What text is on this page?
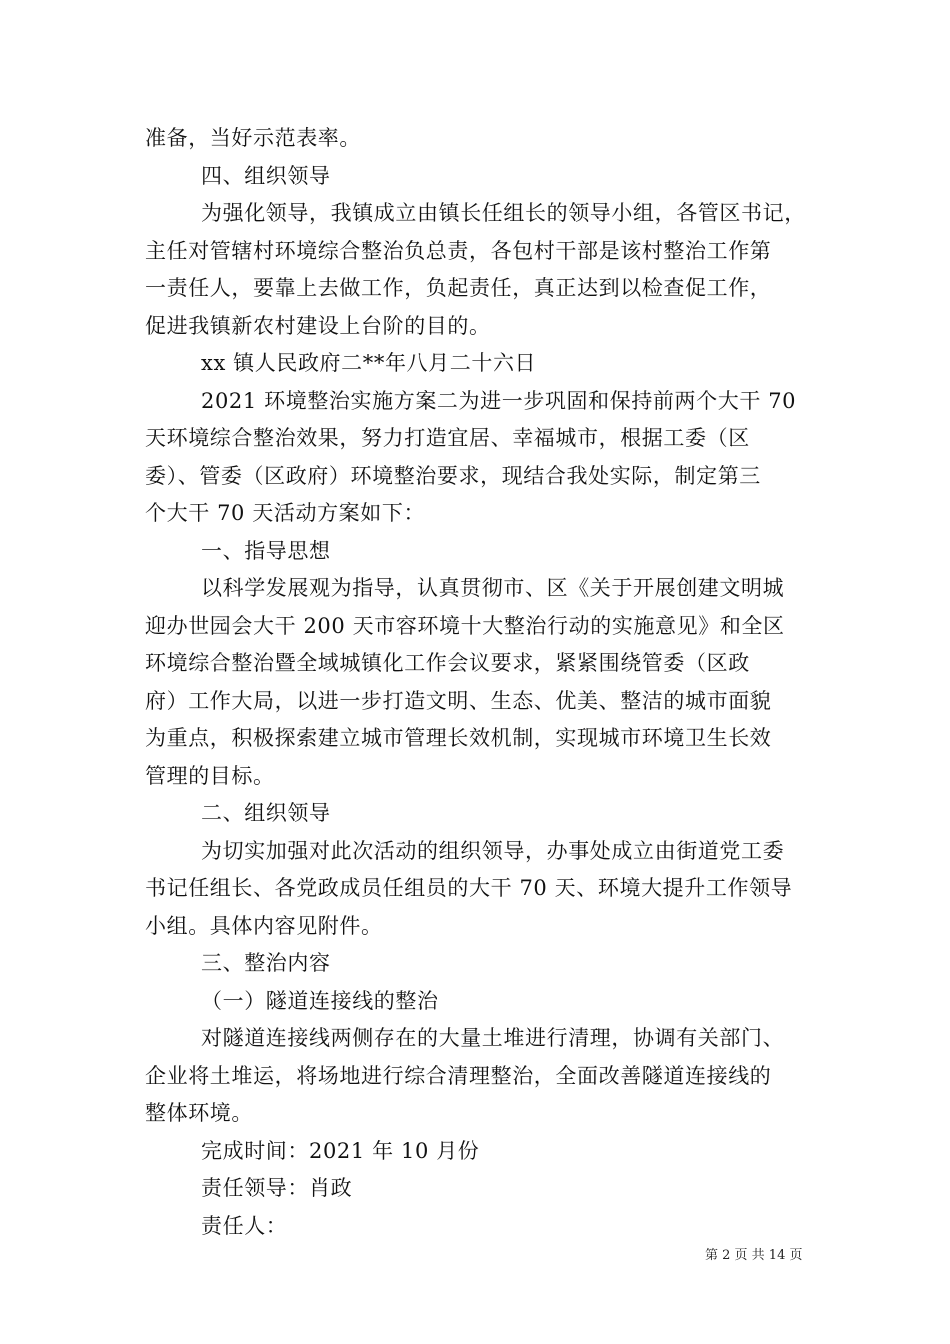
准备，当好示范表率。
四、组织领导
为强化领导，我镇成立由镇长任组长的领导小组，各管区书记，
主任对管辖村环境综合整治负总责，各包村干部是该村整治工作第
一责任人，要靠上去做工作，负起责任，真正达到以检查促工作，
促进我镇新农村建设上台阶的目的。
xx 镇人民政府二**年八月二十六日
2021 环境整治实施方案二为进一步巩固和保持前两个大干 70
天环境综合整治效果，努力打造宜居、幸福城市，根据工委（区
委）、管委（区政府）环境整治要求，现结合我处实际，制定第三
个大干 70 天活动方案如下：
一、指导思想
以科学发展观为指导，认真贯彻市、区《关于开展创建文明城
迎办世园会大干 200 天市容环境十大整治行动的实施意见》和全区
环境综合整治暨全域城镇化工作会议要求，紧紧围绕管委（区政
府）工作大局，以进一步打造文明、生态、优美、整洁的城市面貌
为重点，积极探索建立城市管理长效机制，实现城市环境卫生长效
管理的目标。
二、组织领导
为切实加强对此次活动的组织领导，办事处成立由街道党工委
书记任组长、各党政成员任组员的大干 70 天、环境大提升工作领导
小组。具体内容见附件。
三、整治内容
（一）隧道连接线的整治
对隧道连接线两侧存在的大量土堆进行清理，协调有关部门、
企业将土堆运，将场地进行综合清理整治，全面改善隧道连接线的
整体环境。
完成时间：2021 年 10 月份
责任领导：肖政
责任人：
第 2 页 共 14 页
